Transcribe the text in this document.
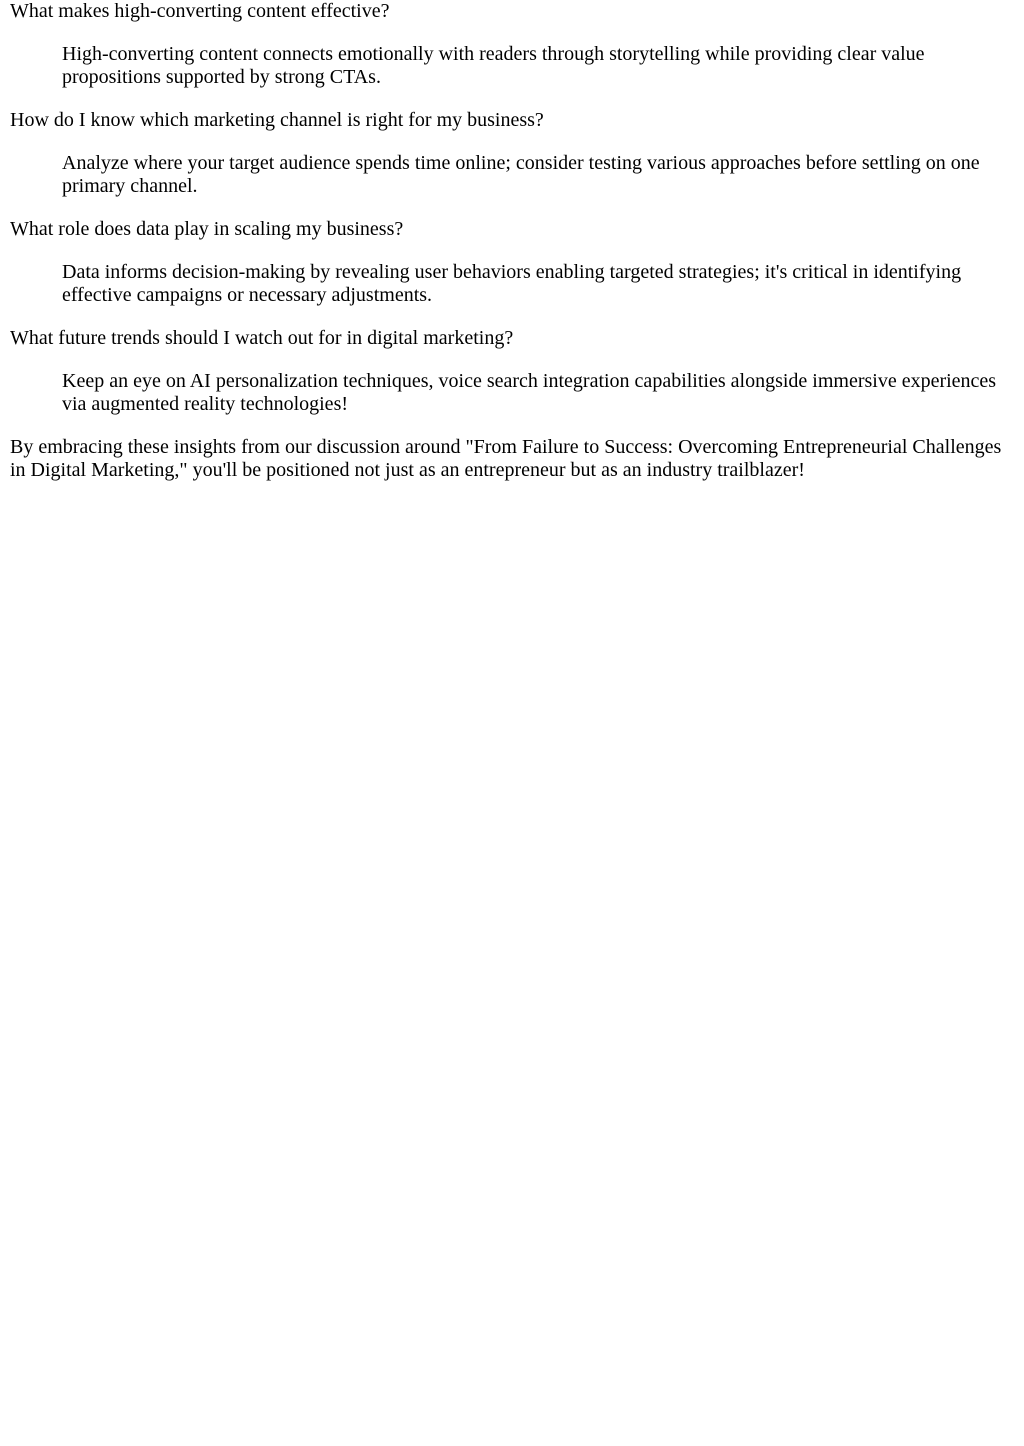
What makes high-converting content effective?

High-converting content connects emotionally with readers through storytelling while providing clear value propositions supported by strong CTAs.

How do I know which marketing channel is right for my business?

Analyze where your target audience spends time online; consider testing various approaches before settling on one primary channel.

What role does data play in scaling my business?

Data informs decision-making by revealing user behaviors enabling targeted strategies; it's critical in identifying effective campaigns or necessary adjustments.

What future trends should I watch out for in digital marketing?

Keep an eye on AI personalization techniques, voice search integration capabilities alongside immersive experiences via augmented reality technologies!

By embracing these insights from our discussion around "From Failure to Success: Overcoming Entrepreneurial Challenges in Digital Marketing," you'll be positioned not just as an entrepreneur but as an industry trailblazer!
